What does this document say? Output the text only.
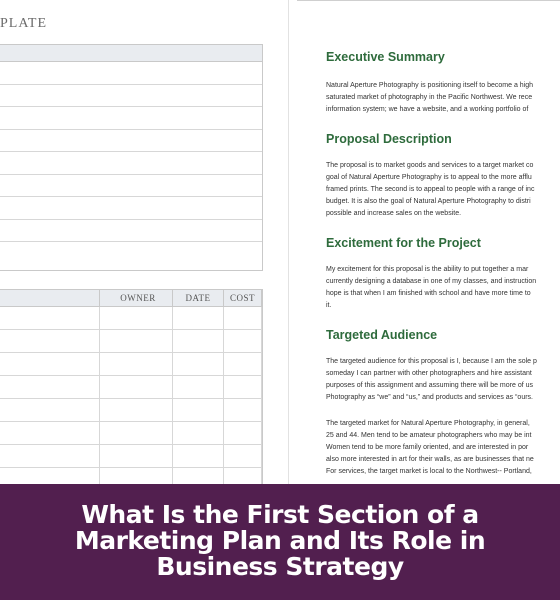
PLATE
	OWNER	DATE	COST

Executive Summary

Natural Aperture Photography is positioning itself to become a high

saturated market of photography in the Pacific Northwest. We rece

information system; we have a website, and a working portfolio of

Proposal Description

The proposal is to market goods and services to a target market co

goal of Natural Aperture Photography is to appeal to the more afflu

framed prints. The second is to appeal to people with a range of inc

budget. It is also the goal of Natural Aperture Photography to distri

possible and increase sales on the website.

Excitement for the Project

My excitement for this proposal is the ability to put together a mar

currently designing a database in one of my classes, and instruction

hope is that when I am finished with school and have more time to

it.

Targeted Audience

The targeted audience for this proposal is I, because I am the sole p

someday I can partner with other photographers and hire assistant

purposes of this assignment and assuming there will be more of us

Photography as “we” and “us,” and products and services as “ours.

The targeted market for Natural Aperture Photography, in general,

25 and 44. Men tend to be amateur photographers who may be int

Women tend to be more family oriented, and are interested in por

also more interested in art for their walls, as are businesses that ne

For services, the target market is local to the Northwest-- Portland,

What Is the First Section of a
Marketing Plan and Its Role in
Business Strategy
